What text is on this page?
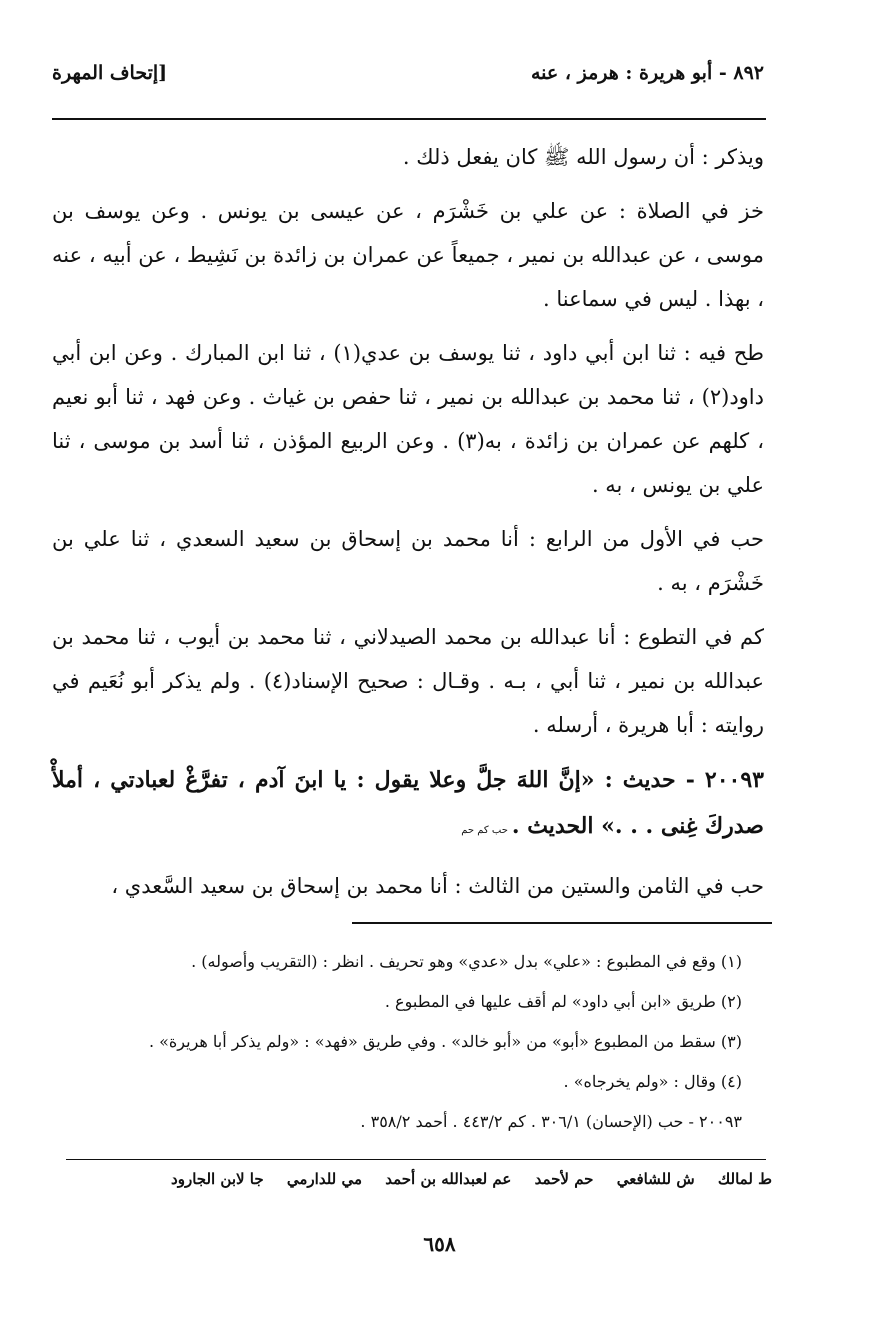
٨٩٢ - أبو هريرة : هرمز ، عنه
[إتحاف المهرة

ويذكر : أن رسول الله ﷺ كان يفعل ذلك .

خز في الصلاة : عن علي بن خَشْرَم ، عن عيسى بن يونس . وعن يوسف بن موسى ، عن عبدالله بن نمير ، جميعاً عن عمران بن زائدة بن نَشِيط ، عن أبيه ، عنه ، بهذا . ليس في سماعنا .

طح فيه : ثنا ابن أبي داود ، ثنا يوسف بن عدي(١) ، ثنا ابن المبارك . وعن ابن أبي داود(٢) ، ثنا محمد بن عبدالله بن نمير ، ثنا حفص بن غياث . وعن فهد ، ثنا أبو نعيم ، كلهم عن عمران بن زائدة ، به(٣) . وعن الربيع المؤذن ، ثنا أسد بن موسى ، ثنا علي بن يونس ، به .

حب في الأول من الرابع : أنا محمد بن إسحاق بن سعيد السعدي ، ثنا علي بن خَشْرَم ، به .

كم في التطوع : أنا عبدالله بن محمد الصيدلاني ، ثنا محمد بن أيوب ، ثنا محمد بن عبدالله بن نمير ، ثنا أبي ، بـه . وقـال : صحيح الإسناد(٤) . ولم يذكر أبو نُعَيم في روايته : أبا هريرة ، أرسله .

٢٠٠٩٣ - حديث : «إنَّ اللهَ جلَّ وعلا يقول : يا ابنَ آدم ، تفرَّغْ لعبادتي ، أملأْ صدركَ غِنى . . .» الحديث .حب كم حم

حب في الثامن والستين من الثالث : أنا محمد بن إسحاق بن سعيد السَّعدي ،

(١) وقع في المطبوع : «علي» بدل «عدي» وهو تحريف . انظر : (التقريب وأصوله) .
(٢) طريق «ابن أبي داود» لم أقف عليها في المطبوع .
(٣) سقط من المطبوع «أبو» من «أبو خالد» . وفي طريق «فهد» : «ولم يذكر أبا هريرة» .
(٤) وقال : «ولم يخرجاه» .
٢٠٠٩٣ - حب (الإحسان) ٣٠٦/١ . كم ٤٤٣/٢ . أحمد ٣٥٨/٢ .
ط لمالك ش للشافعي حم لأحمد عم لعبدالله بن أحمد مي للدارمي جا لابن الجارود
٦٥٨
